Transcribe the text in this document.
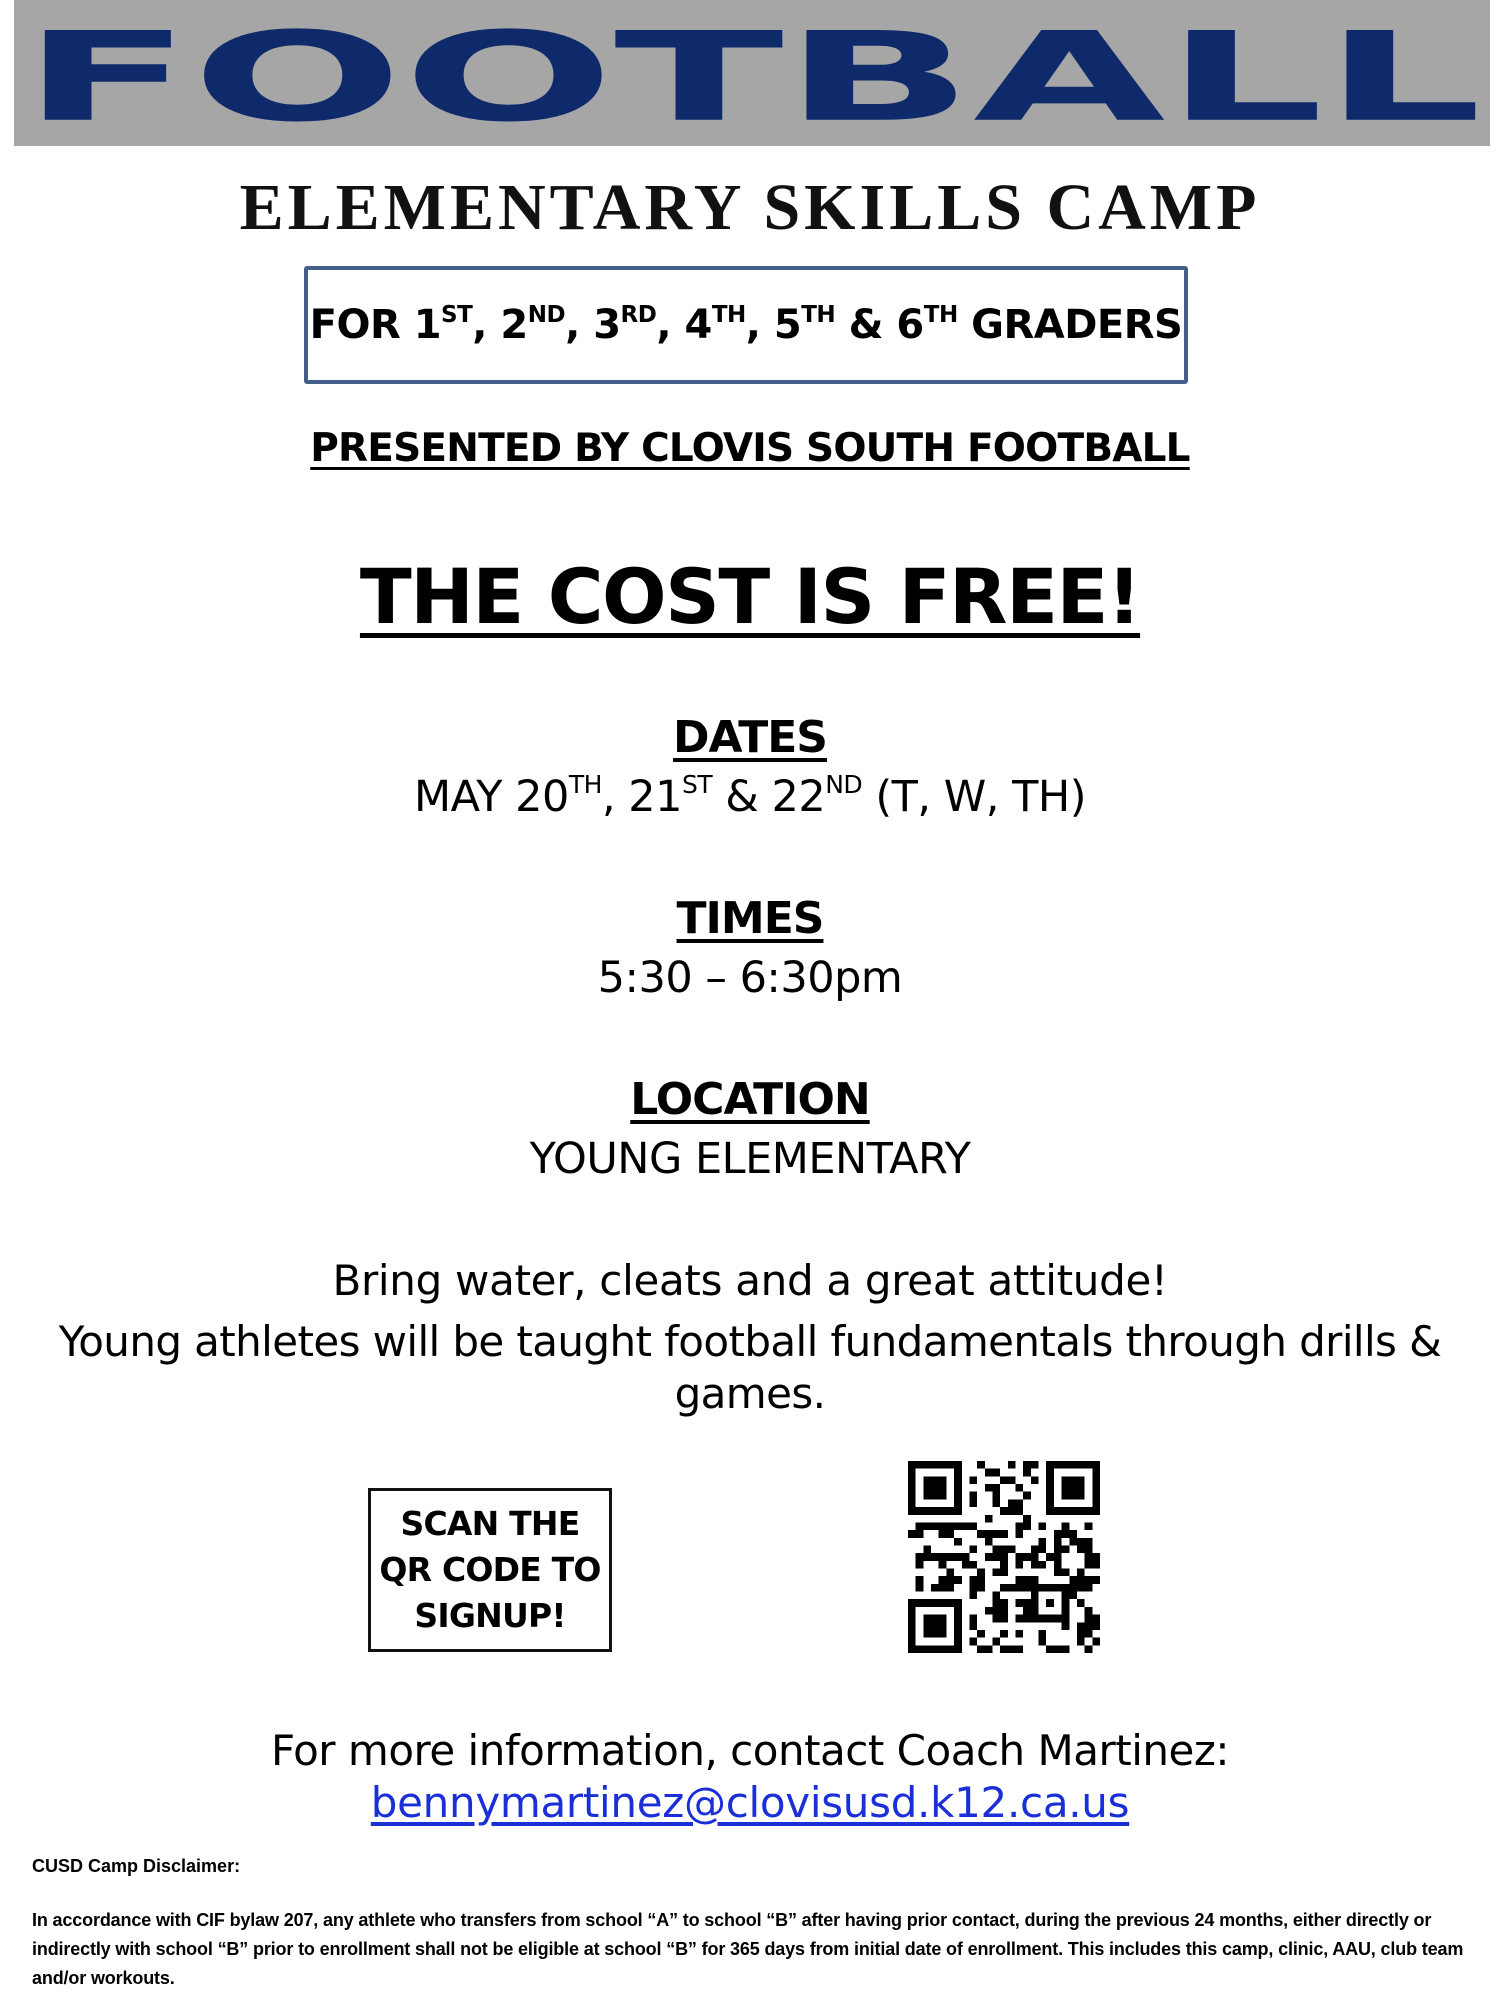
FOOTBALL
ELEMENTARY SKILLS CAMP
FOR 1ST, 2ND, 3RD, 4TH, 5TH & 6TH GRADERS
PRESENTED BY CLOVIS SOUTH FOOTBALL
THE COST IS FREE!
DATES
MAY 20TH, 21ST & 22ND (T, W, TH)
TIMES
5:30 – 6:30pm
LOCATION
YOUNG ELEMENTARY
Bring water, cleats and a great attitude!
Young athletes will be taught football fundamentals through drills & games.
SCAN THE
QR CODE TO
SIGNUP!
For more information, contact Coach Martinez:
bennymartinez@clovisusd.k12.ca.us
CUSD Camp Disclaimer:
In accordance with CIF bylaw 207, any athlete who transfers from school “A” to school “B” after having prior contact, during the previous 24 months, either directly or indirectly with school “B” prior to enrollment shall not be eligible at school “B” for 365 days from initial date of enrollment. This includes this camp, clinic, AAU, club team and/or workouts.
